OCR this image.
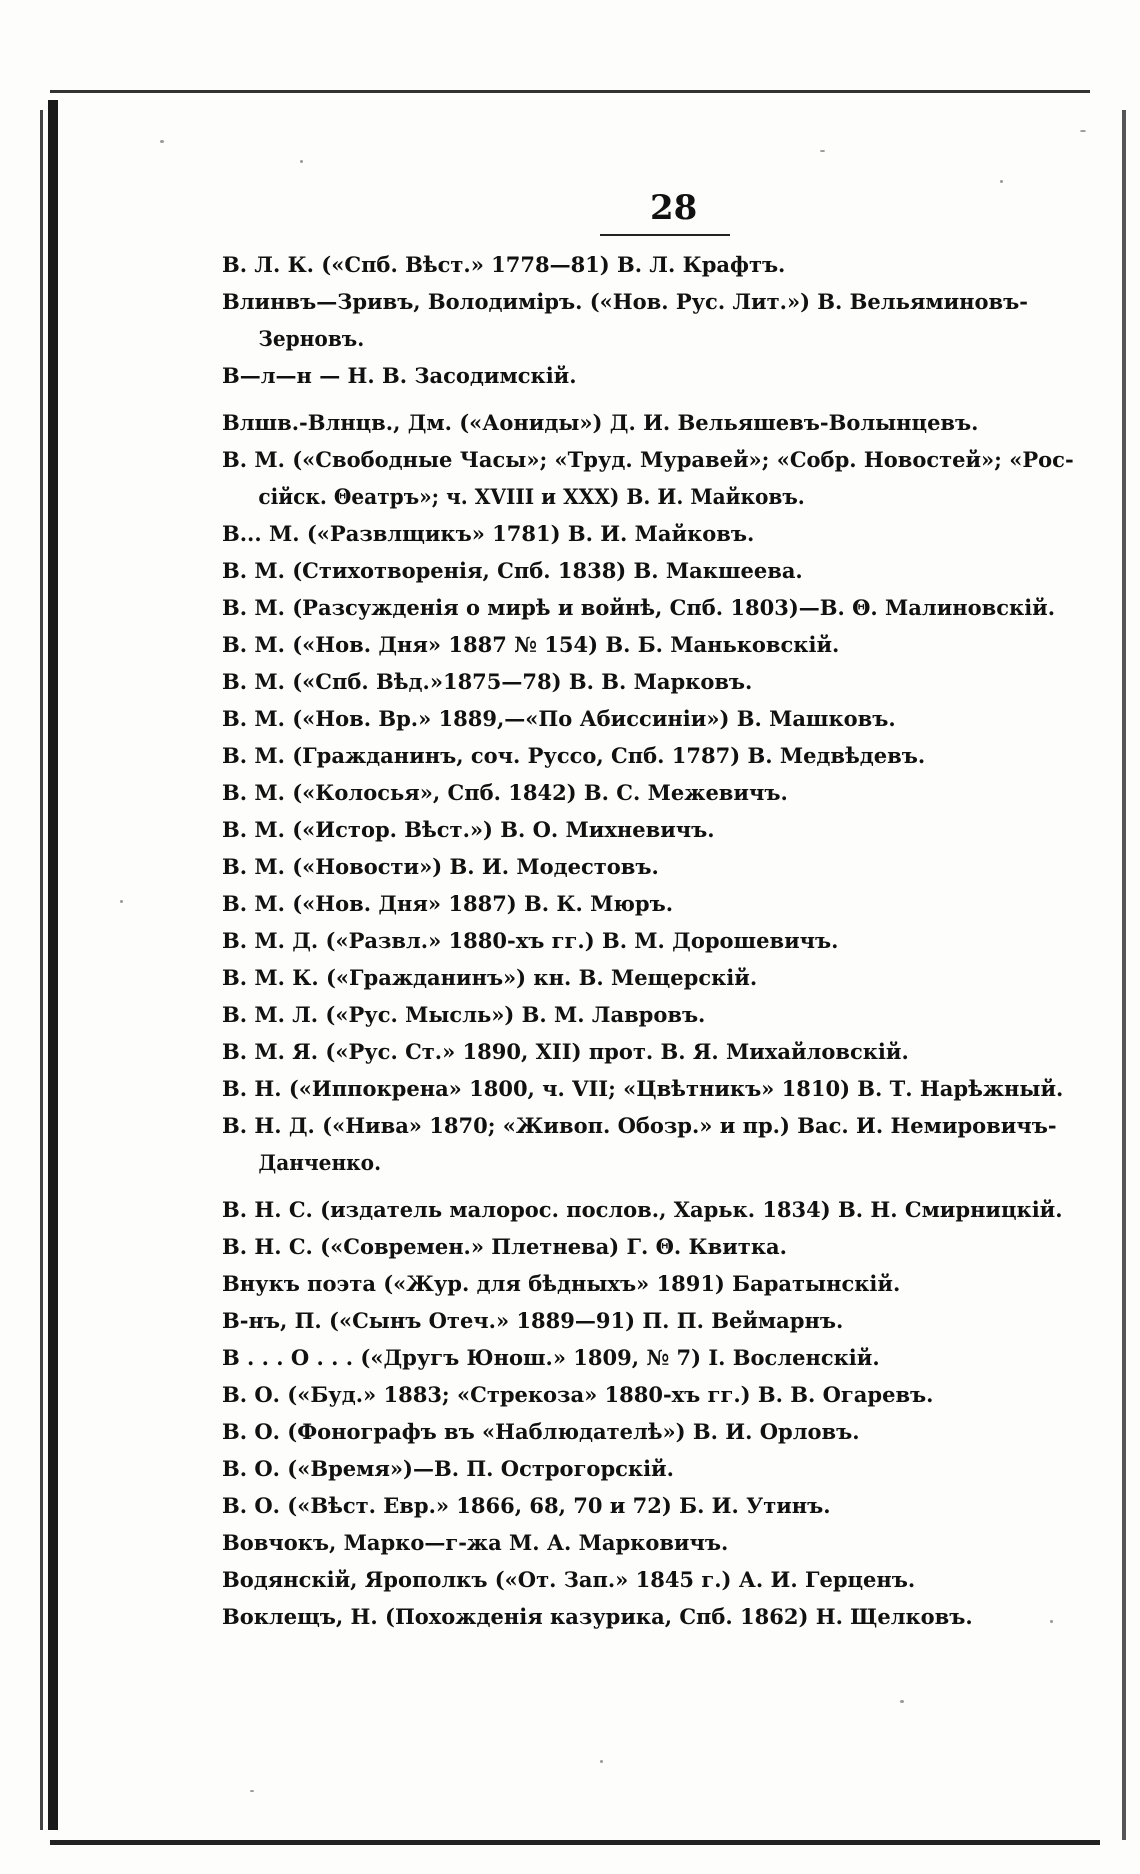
28
В. Л. К. («Спб. Вѣст.» 1778—81) В. Л. Крафтъ.
Влинвъ—Зривъ, Володимiръ. («Нов. Рус. Лит.») В. Вельяминовъ-
Зерновъ.
В—л—н — Н. В. Засодимскiй.
Влшв.-Влнцв., Дм. («Аониды») Д. И. Вельяшевъ-Волынцевъ.
В. М. («Свободные Часы»; «Труд. Муравей»; «Собр. Новостей»; «Рос-
сiйск. Θеатръ»; ч. XVIII и XXX) В. И. Майковъ.
В... М. («Развлщикъ» 1781) В. И. Майковъ.
В. М. (Стихотворенiя, Спб. 1838) В. Макшеева.
В. М. (Разсужденiя о мирѣ и войнѣ, Спб. 1803)—В. Θ. Малиновскiй.
В. М. («Нов. Дня» 1887 № 154) В. Б. Маньковскiй.
В. М. («Спб. Вѣд.»1875—78) В. В. Марковъ.
В. М. («Нов. Вр.» 1889,—«По Абиссинiи») В. Машковъ.
В. М. (Гражданинъ, соч. Руссо, Спб. 1787) В. Медвѣдевъ.
В. М. («Колосья», Спб. 1842) В. С. Межевичъ.
В. М. («Истор. Вѣст.») В. О. Михневичъ.
В. М. («Новости») В. И. Модестовъ.
В. М. («Нов. Дня» 1887) В. К. Мюръ.
В. М. Д. («Развл.» 1880-хъ гг.) В. М. Дорошевичъ.
В. М. К. («Гражданинъ») кн. В. Мещерскiй.
В. М. Л. («Рус. Мысль») В. М. Лавровъ.
В. М. Я. («Рус. Ст.» 1890, XII) прот. В. Я. Михайловскiй.
В. Н. («Иппокрена» 1800, ч. VII; «Цвѣтникъ» 1810) В. Т. Нарѣжный.
В. Н. Д. («Нива» 1870; «Живоп. Обозр.» и пр.) Вас. И. Немировичъ-
Данченко.
В. Н. С. (издатель малорос. послов., Харьк. 1834) В. Н. Смирницкiй.
В. Н. С. («Современ.» Плетнева) Г. Θ. Квитка.
Внукъ поэта («Жур. для бѣдныхъ» 1891) Баратынскiй.
В-нъ, П. («Сынъ Отеч.» 1889—91) П. П. Веймарнъ.
В . . . О . . . («Другъ Юнош.» 1809, № 7) I. Восленскiй.
В. О. («Буд.» 1883; «Стрекоза» 1880-хъ гг.) В. В. Огаревъ.
В. О. (Фонографъ въ «Наблюдателѣ») В. И. Орловъ.
В. О. («Время»)—В. П. Острогорскiй.
В. О. («Вѣст. Евр.» 1866, 68, 70 и 72) Б. И. Утинъ.
Вовчокъ, Марко—г-жа М. А. Марковичъ.
Водянскiй, Ярополкъ («От. Зап.» 1845 г.) А. И. Герценъ.
Воклещъ, Н. (Похожденiя казурика, Спб. 1862) Н. Щелковъ.
